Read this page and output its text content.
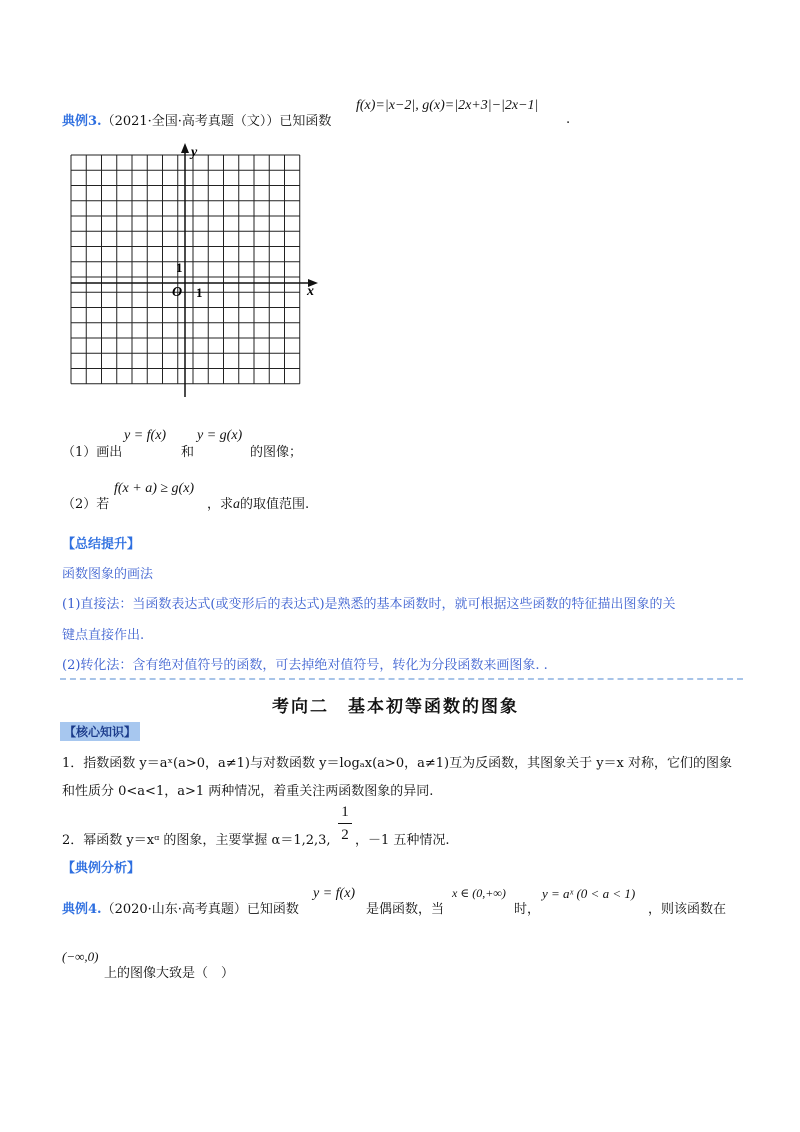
典例3.（2021·全国·高考真题（文））已知函数
f(x)=|x−2|, g(x)=|2x+3|−|2x−1|
.
y
x
O 1
1
（1）画出
y = f(x)
和
y = g(x)
的图像；
（2）若
f(x + a) ≥ g(x)
，求a的取值范围.
【总结提升】
函数图象的画法
(1)直接法：当函数表达式(或变形后的表达式)是熟悉的基本函数时，就可根据这些函数的特征描出图象的关
键点直接作出.
(2)转化法：含有绝对值符号的函数，可去掉绝对值符号，转化为分段函数来画图象. .
考向二　基本初等函数的图象
【核心知识】
1．指数函数 y＝aˣ(a>0，a≠1)与对数函数 y＝logₐx(a>0，a≠1)互为反函数，其图象关于 y＝x 对称，它们的图象
和性质分 0<a<1，a>1 两种情况，着重关注两函数图象的异同.
2．幂函数 y＝xᵅ 的图象，主要掌握 α＝1,2,3,
1
2 ，－1 五种情况.
【典例分析】
典例4.（2020·山东·高考真题）已知函数
y = f(x)
是偶函数，当
x ∈ (0,+∞)
时，
y = aˣ (0 < a < 1)
，则该函数在
(−∞,0)
上的图像大致是（　）
